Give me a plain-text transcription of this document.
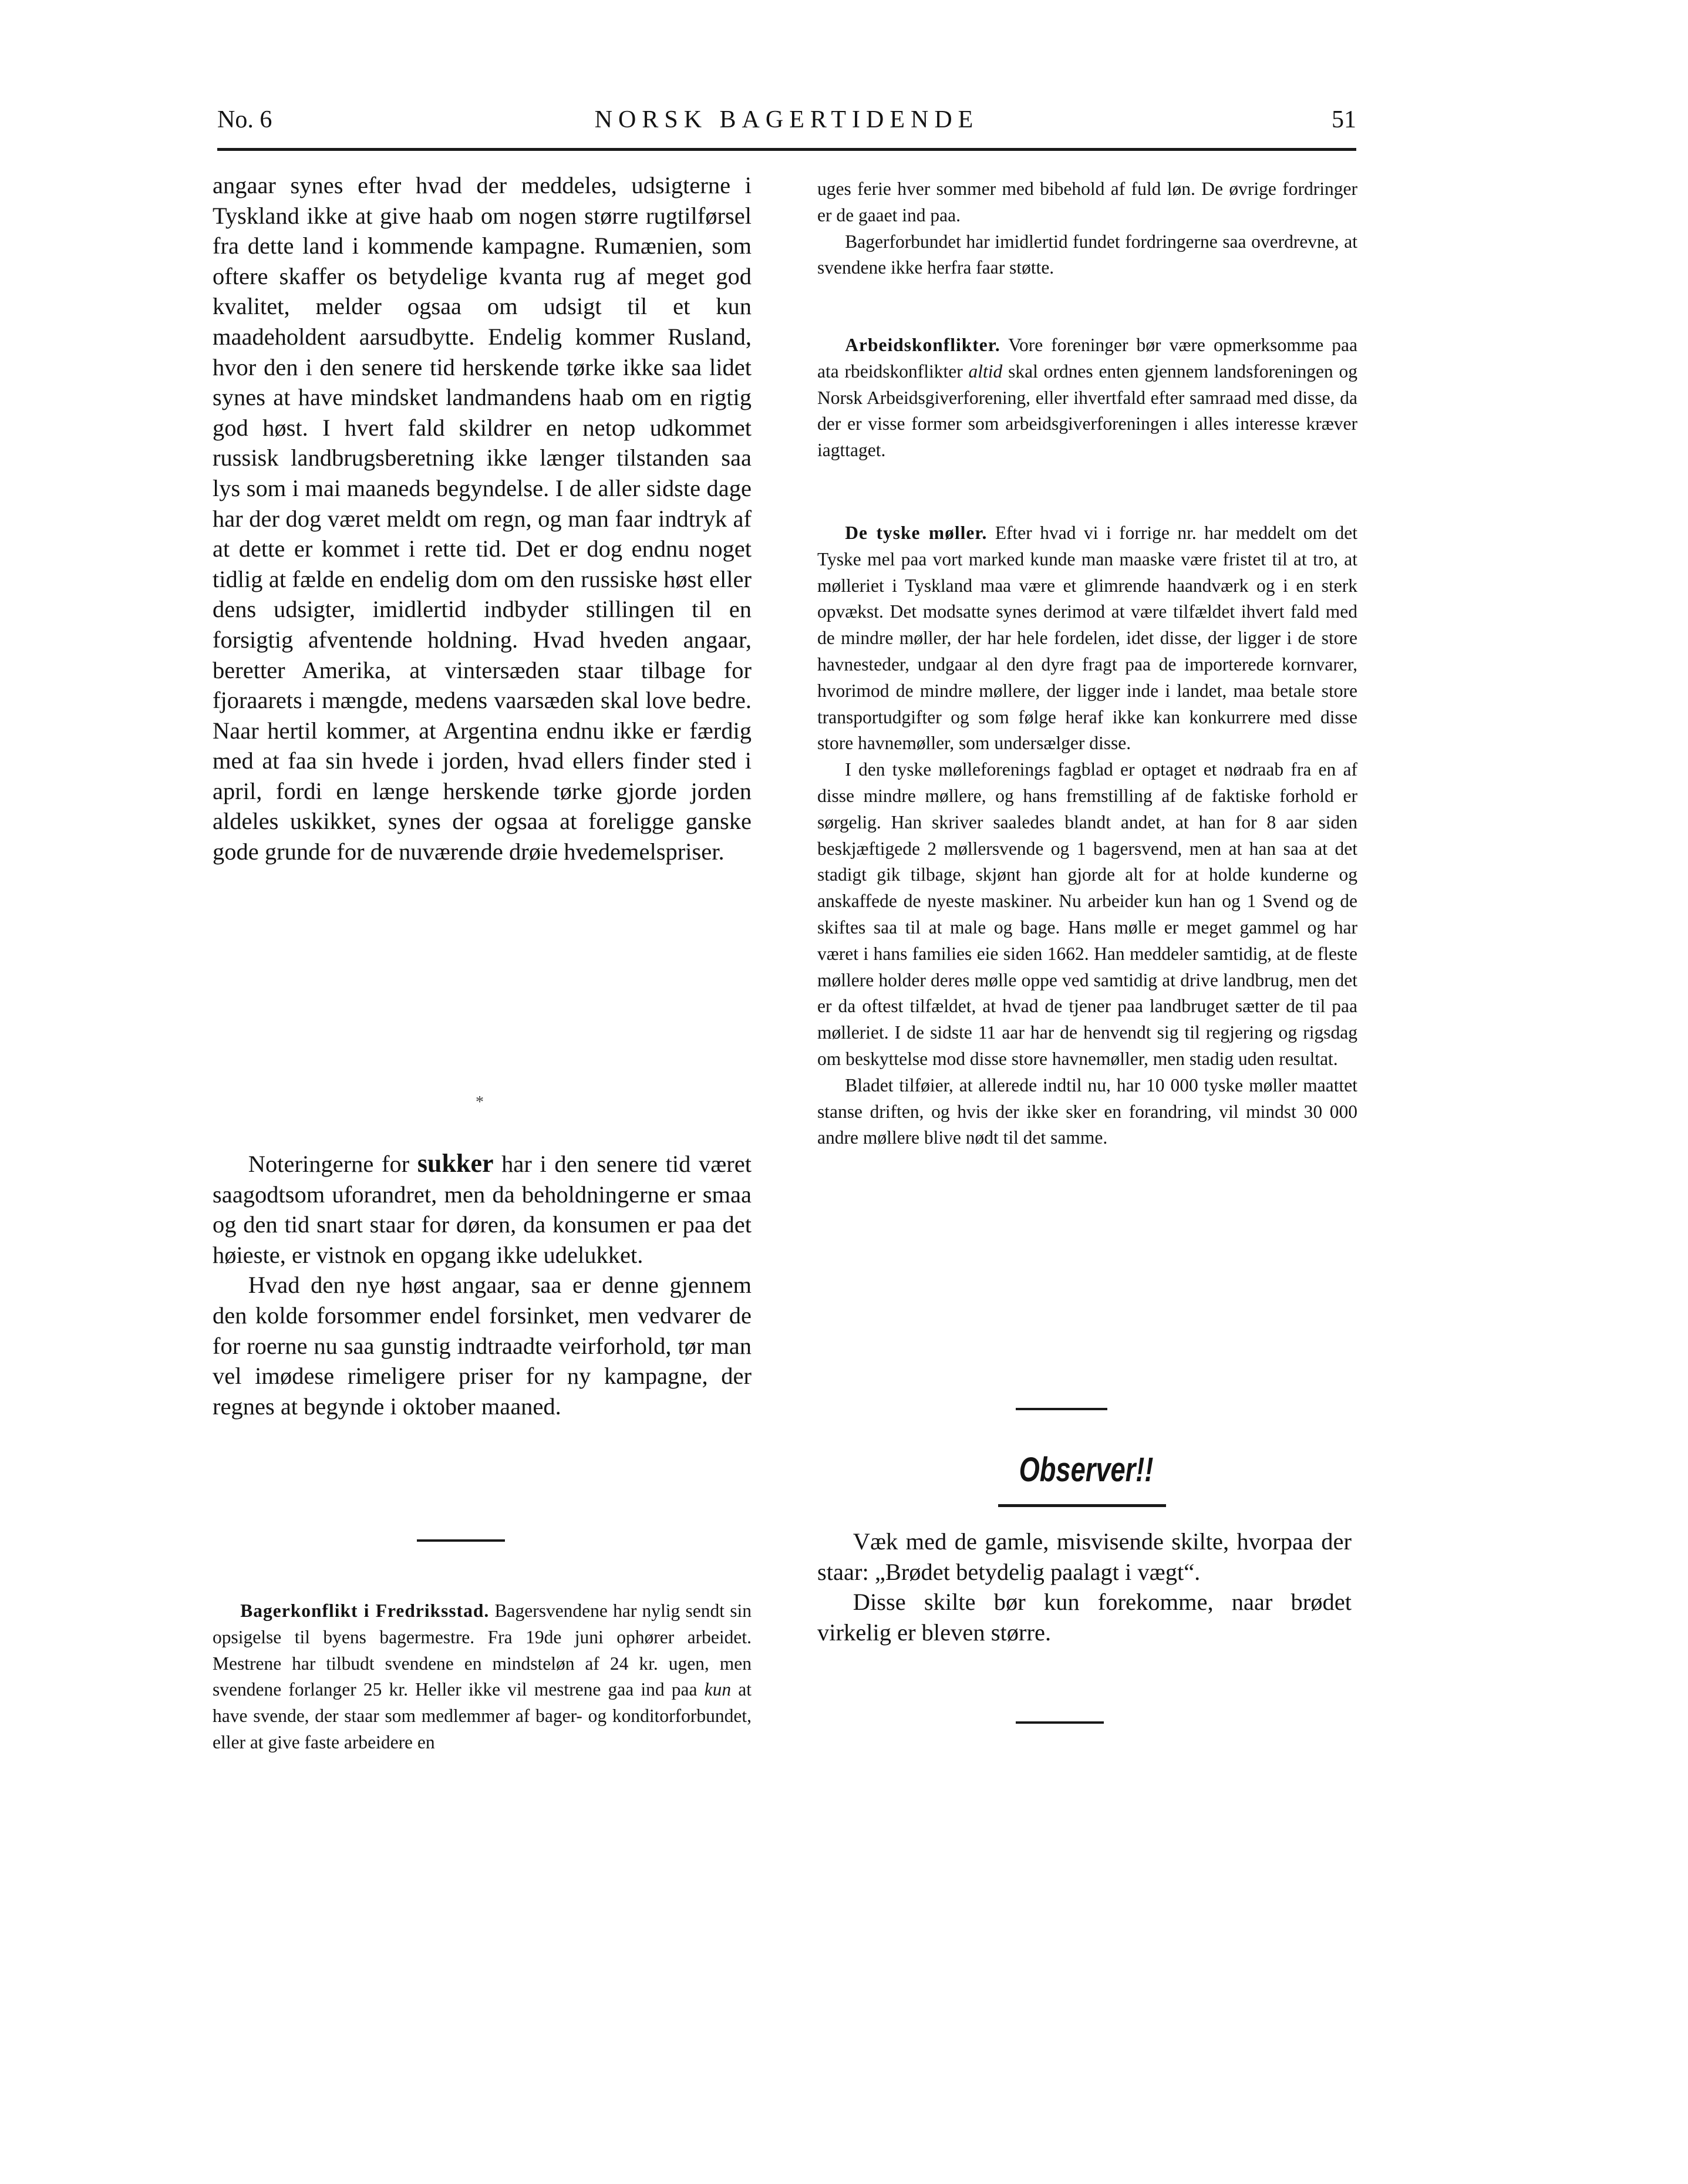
No. 6	NORSK BAGERTIDENDE	51

angaar synes efter hvad der meddeles, udsigterne i Tyskland ikke at give haab om nogen større rugtilførsel fra dette land i kommende kampagne. Rumænien, som oftere skaffer os betydelige kvanta rug af meget god kvalitet, melder ogsaa om udsigt til et kun maadeholdent aarsudbytte. Endelig kommer Rusland, hvor den i den senere tid herskende tørke ikke saa lidet synes at have mindsket landmandens haab om en rigtig god høst. I hvert fald skildrer en netop udkommet russisk landbrugsberetning ikke længer tilstanden saa lys som i mai maaneds begyndelse. I de aller sidste dage har der dog været meldt om regn, og man faar indtryk af at dette er kommet i rette tid. Det er dog endnu noget tidlig at fælde en endelig dom om den russiske høst eller dens udsigter, imidlertid indbyder stillingen til en forsigtig afventende holdning. Hvad hveden angaar, beretter Amerika, at vintersæden staar tilbage for fjoraarets i mængde, medens vaarsæden skal love bedre. Naar hertil kommer, at Argentina endnu ikke er færdig med at faa sin hvede i jorden, hvad ellers finder sted i april, fordi en længe herskende tørke gjorde jorden aldeles uskikket, synes der ogsaa at foreligge ganske gode grunde for de nuværende drøie hvedemelspriser.

*

Noteringerne for sukker har i den senere tid været saagodtsom uforandret, men da beholdningerne er smaa og den tid snart staar for døren, da konsumen er paa det høieste, er vistnok en opgang ikke udelukket.

Hvad den nye høst angaar, saa er denne gjennem den kolde forsommer endel forsinket, men vedvarer de for roerne nu saa gunstig indtraadte veirforhold, tør man vel imødese rimeligere priser for ny kampagne, der regnes at begynde i oktober maaned.

Bagerkonflikt i Fredriksstad. Bagersvendene har nylig sendt sin opsigelse til byens bagermestre. Fra 19de juni ophører arbeidet. Mestrene har tilbudt svendene en mindsteløn af 24 kr. ugen, men svendene forlanger 25 kr. Heller ikke vil mestrene gaa ind paa kun at have svende, der staar som medlemmer af bager- og konditorforbundet, eller at give faste arbeidere en

uges ferie hver sommer med bibehold af fuld løn. De øvrige fordringer er de gaaet ind paa.

Bagerforbundet har imidlertid fundet fordringerne saa overdrevne, at svendene ikke herfra faar støtte.

Arbeidskonflikter. Vore foreninger bør være opmerksomme paa ata rbeidskonflikter altid skal ordnes enten gjennem landsforeningen og Norsk Arbeidsgiverforening, eller ihvertfald efter samraad med disse, da der er visse former som arbeidsgiverforeningen i alles interesse kræver iagttaget.

De tyske møller. Efter hvad vi i forrige nr. har meddelt om det Tyske mel paa vort marked kunde man maaske være fristet til at tro, at mølleriet i Tyskland maa være et glimrende haandværk og i en sterk opvækst. Det modsatte synes derimod at være tilfældet ihvert fald med de mindre møller, der har hele fordelen, idet disse, der ligger i de store havnesteder, undgaar al den dyre fragt paa de importerede kornvarer, hvorimod de mindre møllere, der ligger inde i landet, maa betale store transportudgifter og som følge heraf ikke kan konkurrere med disse store havnemøller, som undersælger disse.

I den tyske mølleforenings fagblad er optaget et nødraab fra en af disse mindre møllere, og hans fremstilling af de faktiske forhold er sørgelig. Han skriver saaledes blandt andet, at han for 8 aar siden beskjæftigede 2 møllersvende og 1 bagersvend, men at han saa at det stadigt gik tilbage, skjønt han gjorde alt for at holde kunderne og anskaffede de nyeste maskiner. Nu arbeider kun han og 1 Svend og de skiftes saa til at male og bage. Hans mølle er meget gammel og har været i hans families eie siden 1662. Han meddeler samtidig, at de fleste møllere holder deres mølle oppe ved samtidig at drive landbrug, men det er da oftest tilfældet, at hvad de tjener paa landbruget sætter de til paa mølleriet. I de sidste 11 aar har de henvendt sig til regjering og rigsdag om beskyttelse mod disse store havnemøller, men stadig uden resultat.

Bladet tilføier, at allerede indtil nu, har 10 000 tyske møller maattet stanse driften, og hvis der ikke sker en forandring, vil mindst 30 000 andre møllere blive nødt til det samme.

Observer!!

Væk med de gamle, misvisende skilte, hvorpaa der staar: „Brødet betydelig paalagt i vægt“.

Disse skilte bør kun forekomme, naar brødet virkelig er bleven større.
